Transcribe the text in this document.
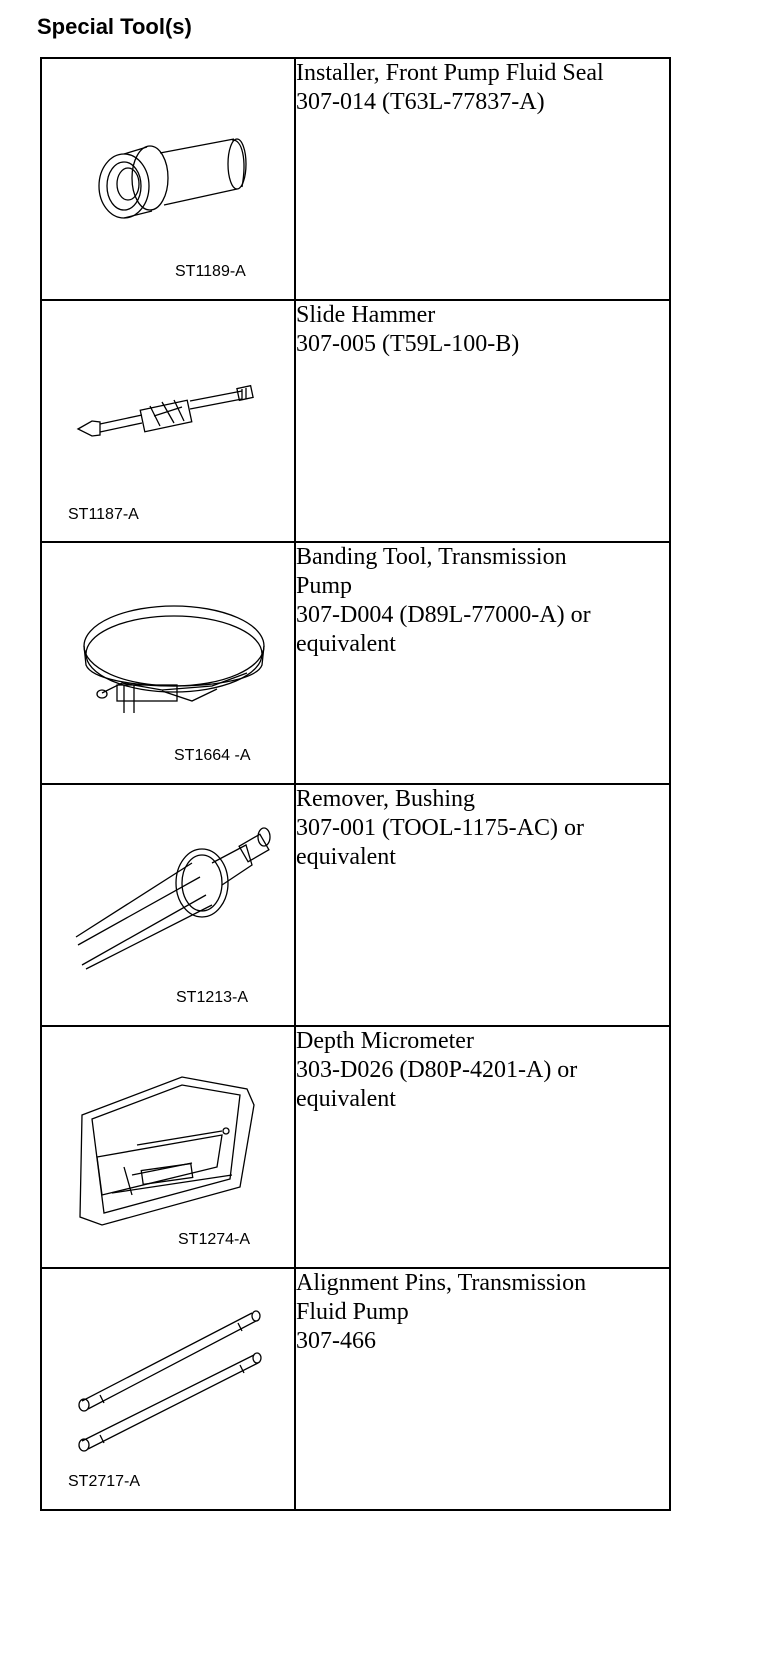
Special Tool(s)
ST1189-A	Installer, Front Pump Fluid Seal
307-014 (T63L-77837-A)

ST1187-A	Slide Hammer
307-005 (T59L-100-B)

ST1664 -A	Banding Tool, Transmission
Pump
307-D004 (D89L-77000-A) or
equivalent

ST1213-A	Remover, Bushing
307-001 (TOOL-1175-AC) or
equivalent

ST1274-A	Depth Micrometer
303-D026 (D80P-4201-A) or
equivalent

ST2717-A	Alignment Pins, Transmission
Fluid Pump
307-466
